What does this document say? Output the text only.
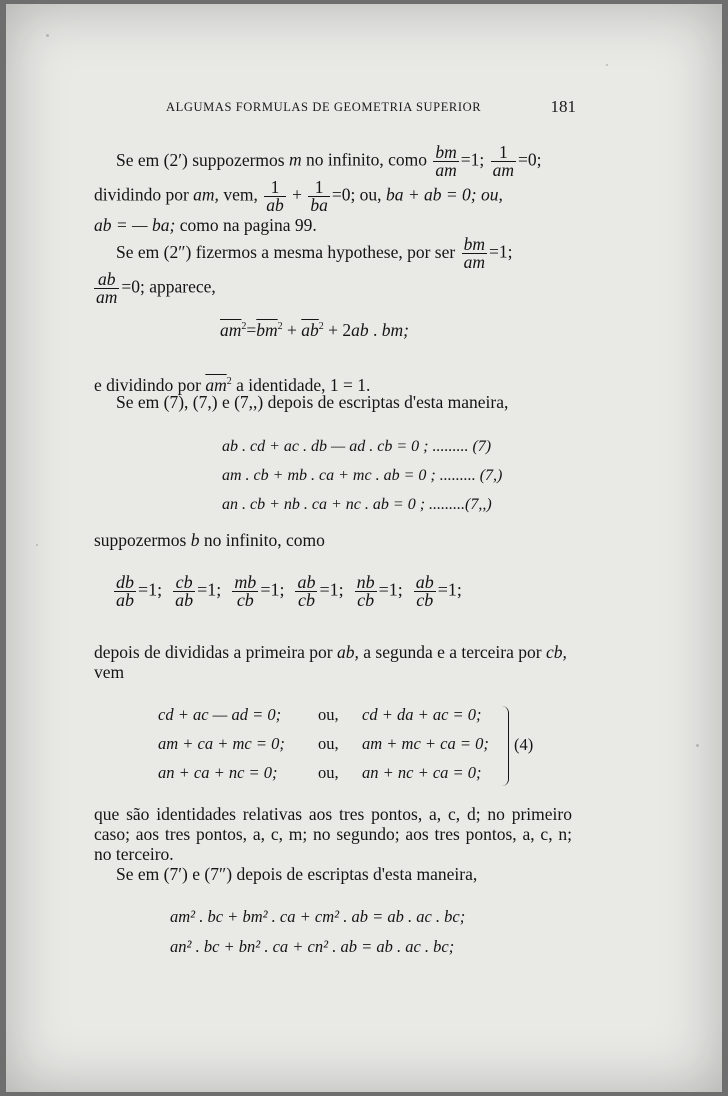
ALGUMAS FORMULAS DE GEOMETRIA SUPERIOR	181
Se em (2′) suppozermos m no infinito, como $\frac{bm}{am} =1$; $\frac{1}{am} =0$;
dividindo por am, vem, $\frac{1}{ab} + \frac{1}{ba} =0$; ou, ba + ab = 0; ou,
ab = — ba; como na pagina 99.
Se em (2″) fizermos a mesma hypothese, por ser $\frac{bm}{am} =1$;

$\frac{ab}{am} =0$; apparece,
$\overline{am}^2=\overline{bm}^2 + \overline{ab}^2 + 2ab$ . bm;
e dividindo por $\overline{am}^2$ a identidade, 1 = 1.
Se em (7), (7,) e (7,,) depois de escriptas d'esta maneira,
ab . cd + ac . db — ad . cb = 0 ; ......... (7)
am . cb + mb . ca + mc . ab = 0 ; ......... (7,)
an . cb + nb . ca + nc . ab = 0 ; .........(7,,)
suppozermos b no infinito, como
$\frac{db}{ab} =1$; $\frac{cb}{ab} =1$; $\frac{mb}{cb} =1$; $\frac{ab}{cb} =1$; $\frac{nb}{cb} =1$; $\frac{ab}{cb} =1$;
depois de divididas a primeira por ab, a segunda e a terceira por cb, vem
cd + ac — ad = 0;	ou,	cd + da + ac = 0;
am + ca + mc = 0;	ou,	am + mc + ca = 0;
an + ca + nc = 0;	ou,	an + nc + ca = 0;
(4)
que são identidades relativas aos tres pontos, a, c, d; no primeiro caso; aos tres pontos, a, c, m; no segundo; aos tres pontos, a, c, n; no terceiro.
Se em (7′) e (7″) depois de escriptas d'esta maneira,
am² . bc + bm² . ca + cm² . ab = ab . ac . bc;
an² . bc + bn² . ca + cn² . ab = ab . ac . bc;
